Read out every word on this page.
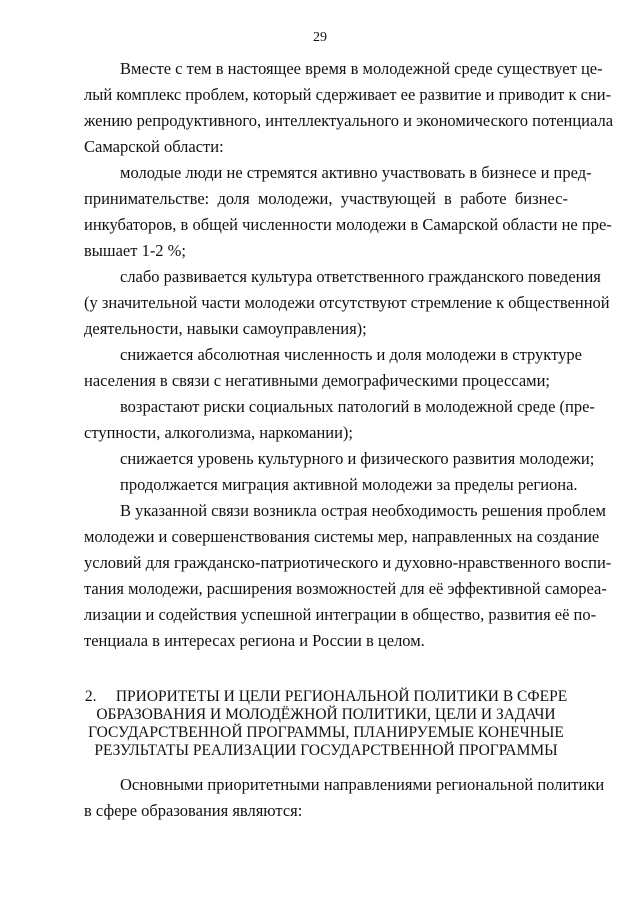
29
Вместе с тем в настоящее время в молодежной среде существует це-
лый комплекс проблем, который сдерживает ее развитие и приводит к сни-
жению репродуктивного, интеллектуального и экономического потенциала
Самарской области:
молодые люди не стремятся активно участвовать в бизнесе и пред-
принимательстве: доля молодежи, участвующей в работе бизнес-
инкубаторов, в общей численности молодежи в Самарской области не пре-
вышает 1-2 %;
слабо развивается культура ответственного гражданского поведения
(у значительной части молодежи отсутствуют стремление к общественной
деятельности, навыки самоуправления);
снижается абсолютная численность и доля молодежи в структуре
населения в связи с негативными демографическими процессами;
возрастают риски социальных патологий в молодежной среде (пре-
ступности, алкоголизма, наркомании);
снижается уровень культурного и физического развития молодежи;
продолжается миграция активной молодежи за пределы региона.
В указанной связи возникла острая необходимость решения проблем
молодежи и совершенствования системы мер, направленных на создание
условий для гражданско-патриотического и духовно-нравственного воспи-
тания молодежи, расширения возможностей для её эффективной самореа-
лизации и содействия успешной интеграции в общество, развития её по-
тенциала в интересах региона и России в целом.
2.     ПРИОРИТЕТЫ И ЦЕЛИ РЕГИОНАЛЬНОЙ ПОЛИТИКИ В СФЕРЕ
ОБРАЗОВАНИЯ И МОЛОДЁЖНОЙ ПОЛИТИКИ, ЦЕЛИ И ЗАДАЧИ
ГОСУДАРСТВЕННОЙ ПРОГРАММЫ, ПЛАНИРУЕМЫЕ КОНЕЧНЫЕ
РЕЗУЛЬТАТЫ РЕАЛИЗАЦИИ ГОСУДАРСТВЕННОЙ ПРОГРАММЫ
Основными приоритетными направлениями региональной политики
в сфере образования являются:
